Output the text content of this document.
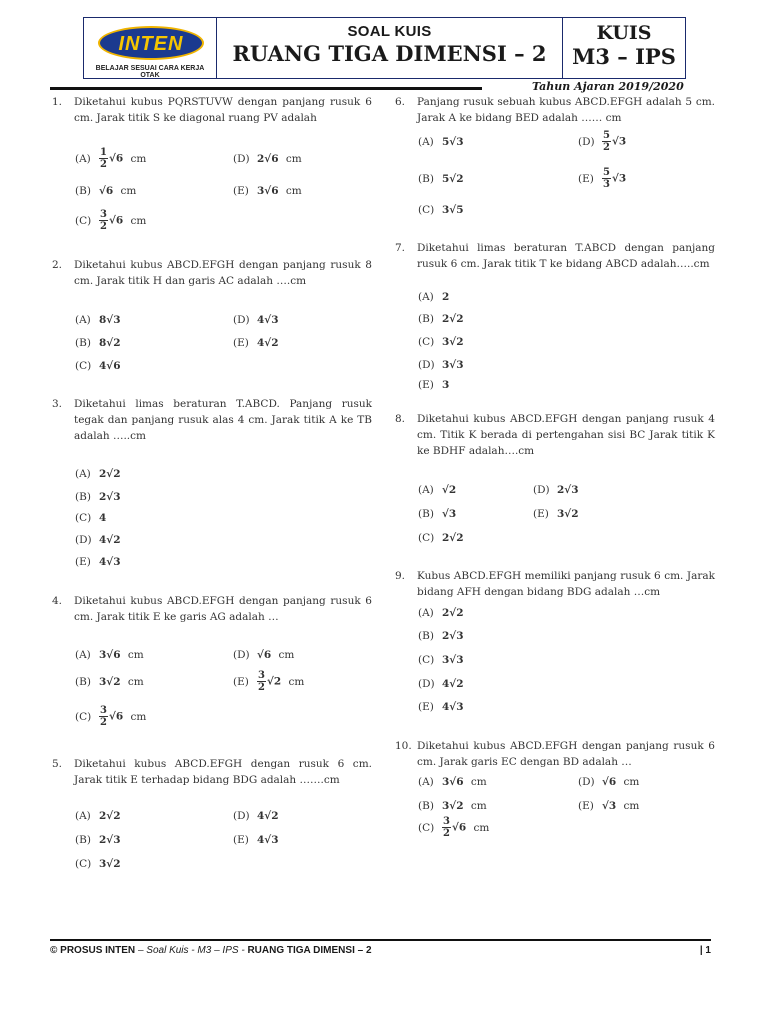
INTEN
BELAJAR SESUAI CARA KERJA OTAK
SOAL KUIS
RUANG TIGA DIMENSI – 2
KUIS
M3 – IPS
Tahun Ajaran 2019/2020
1.	Diketahui kubus PQRSTUVW dengan panjang rusuk 6 cm. Jarak titik S ke diagonal ruang PV adalah
$(A) \frac{1}{2} √6$ cm	(D) 2√6 cm
(B) √6 cm	(E) 3√6 cm
$(C) \frac{3}{2} √6$ cm
2.	Diketahui kubus ABCD.EFGH dengan panjang rusuk 8 cm. Jarak titik H dan garis AC adalah ….cm
(A) 8√3	(D) 4√3
(B) 8√2	(E) 4√2
(C) 4√6
3.	Diketahui limas beraturan T.ABCD. Panjang rusuk tegak dan panjang rusuk alas 4 cm. Jarak titik A ke TB adalah …..cm
(A) 2√2
(B) 2√3
(C) 4
(D) 4√2
(E) 4√3
4.	Diketahui kubus ABCD.EFGH dengan panjang rusuk 6 cm. Jarak titik E ke garis AG adalah …
(A) 3√6 cm	(D) √6 cm
(B) 3√2 cm	$(E) \frac{3}{2} √2$ cm
$(C) \frac{3}{2} √6$ cm
5.	Diketahui kubus ABCD.EFGH dengan rusuk 6 cm. Jarak titik E terhadap bidang BDG adalah …….cm
(A) 2√2	(D) 4√2
(B) 2√3	(E) 4√3
(C) 3√2
6.	Panjang rusuk sebuah kubus ABCD.EFGH adalah 5 cm. Jarak A ke bidang BED adalah …… cm
(A) 5√3	$(D) \frac{5}{2} √3$
(B) 5√2	$(E) \frac{5}{3} √3$
(C) 3√5
7.	Diketahui limas beraturan T.ABCD dengan panjang rusuk 6 cm. Jarak titik T ke bidang ABCD adalah…..cm
(A) 2
(B) 2√2
(C) 3√2
(D) 3√3
(E) 3
8.	Diketahui kubus ABCD.EFGH dengan panjang rusuk 4 cm. Titik K berada di pertengahan sisi BC Jarak titik K ke BDHF adalah….cm
(A) √2	(D) 2√3
(B) √3	(E) 3√2
(C) 2√2
9.	Kubus ABCD.EFGH memiliki panjang rusuk 6 cm. Jarak bidang AFH dengan bidang BDG adalah …cm
(A) 2√2
(B) 2√3
(C) 3√3
(D) 4√2
(E) 4√3
10. Diketahui kubus ABCD.EFGH dengan panjang rusuk 6 cm. Jarak garis EC dengan BD adalah …
(A) 3√6 cm	(D) √6 cm
(B) 3√2 cm	(E) √3 cm
$(C) \frac{3}{2} √6$ cm
© PROSUS INTEN – Soal Kuis - M3 – IPS - RUANG TIGA DIMENSI – 2	| 1
